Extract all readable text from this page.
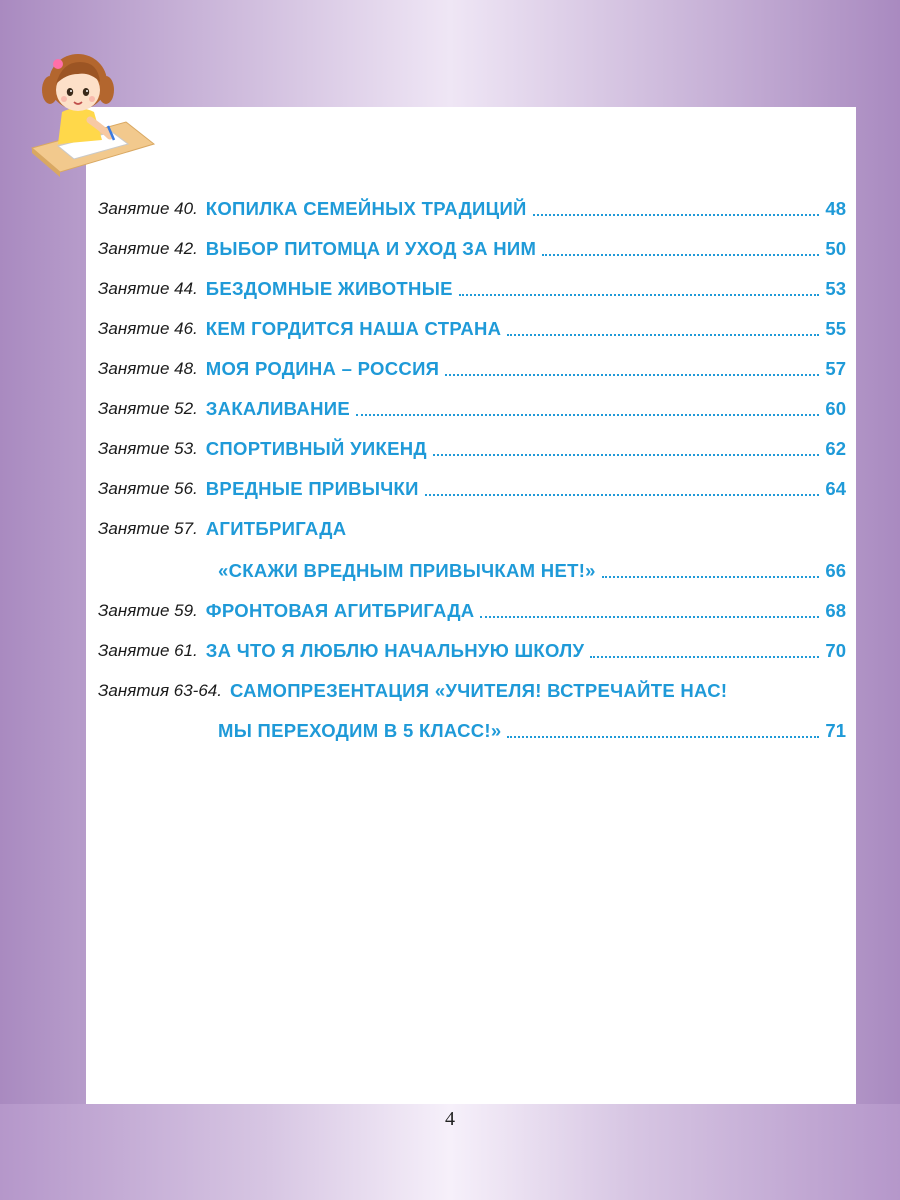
Занятие 40. КОПИЛКА СЕМЕЙНЫХ ТРАДИЦИЙ	48
Занятие 42. ВЫБОР ПИТОМЦА И УХОД ЗА НИМ	50
Занятие 44. БЕЗДОМНЫЕ ЖИВОТНЫЕ	53
Занятие 46. КЕМ ГОРДИТСЯ НАША СТРАНА	55
Занятие 48. МОЯ РОДИНА – РОССИЯ	57
Занятие 52. ЗАКАЛИВАНИЕ	60
Занятие 53. СПОРТИВНЫЙ УИКЕНД	62
Занятие 56. ВРЕДНЫЕ ПРИВЫЧКИ	64
Занятие 57. АГИТБРИГАДА
«СКАЖИ ВРЕДНЫМ ПРИВЫЧКАМ НЕТ!»	66
Занятие 59. ФРОНТОВАЯ АГИТБРИГАДА	68
Занятие 61. ЗА ЧТО Я ЛЮБЛЮ НАЧАЛЬНУЮ ШКОЛУ	70
Занятия 63-64. САМОПРЕЗЕНТАЦИЯ «УЧИТЕЛЯ! ВСТРЕЧАЙТЕ НАС!
МЫ ПЕРЕХОДИМ В 5 КЛАСС!»	71
4
